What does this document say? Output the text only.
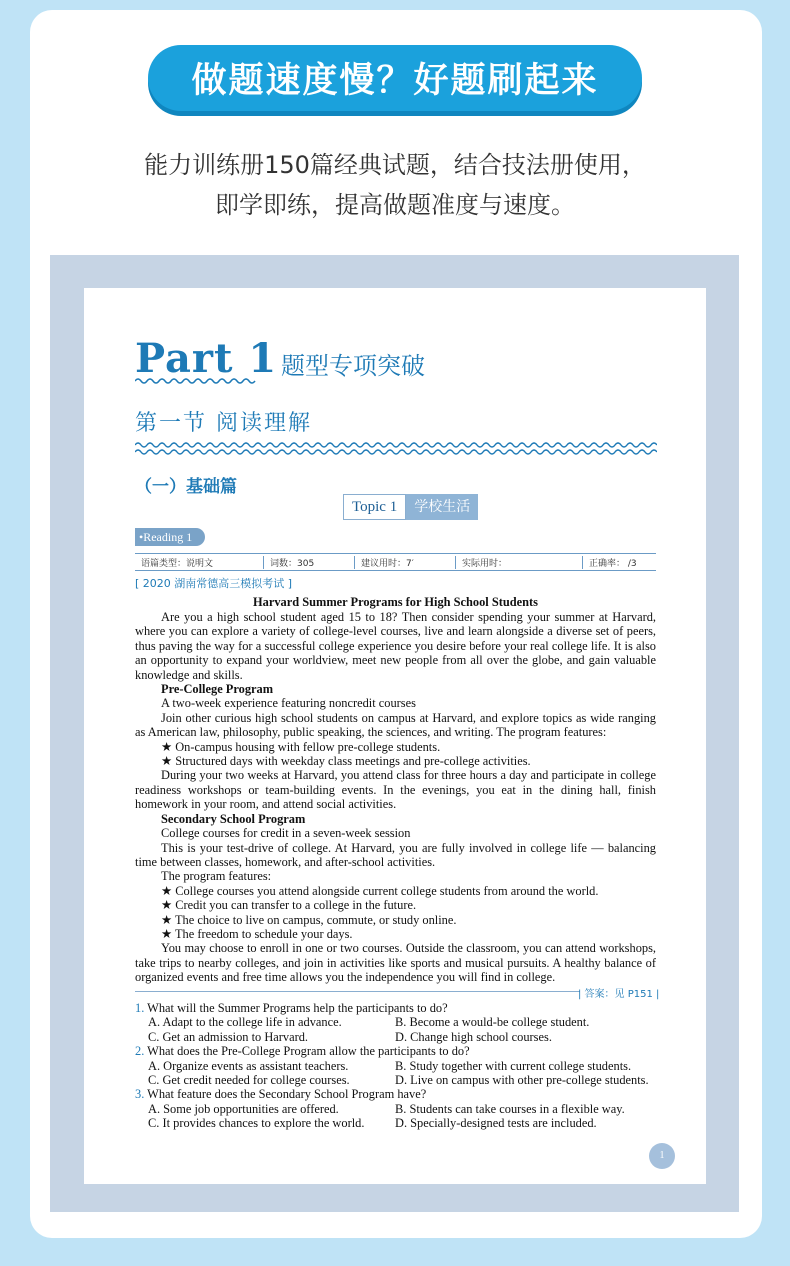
做题速度慢？好题刷起来
能力训练册150篇经典试题，结合技法册使用，
即学即练，提高做题准度与速度。
Part 1 题型专项突破
第一节 阅读理解
（一）基础篇
Topic 1	学校生活
•Reading 1
语篇类型：说明文	词数：305	建议用时：7′	实际用时：	正确率： /3
[ 2020 湖南常德高三模拟考试 ]
Harvard Summer Programs for High School Students
Are you a high school student aged 15 to 18? Then consider spending your summer at Harvard, where you can explore a variety of college-level courses, live and learn alongside a diverse set of peers, thus paving the way for a successful college experience you desire before your real college life. It is also an opportunity to expand your worldview, meet new people from all over the globe, and gain valuable knowledge and skills.
Pre-College Program
A two-week experience featuring noncredit courses
Join other curious high school students on campus at Harvard, and explore topics as wide ranging as American law, philosophy, public speaking, the sciences, and writing. The program features:
★ On-campus housing with fellow pre-college students.
★ Structured days with weekday class meetings and pre-college activities.
During your two weeks at Harvard, you attend class for three hours a day and participate in college readiness workshops or team-building events. In the evenings, you eat in the dining hall, finish homework in your room, and attend social activities.
Secondary School Program
College courses for credit in a seven-week session
This is your test-drive of college. At Harvard, you are fully involved in college life — balancing time between classes, homework, and after-school activities.
The program features:
★ College courses you attend alongside current college students from around the world.
★ Credit you can transfer to a college in the future.
★ The choice to live on campus, commute, or study online.
★ The freedom to schedule your days.
You may choose to enroll in one or two courses. Outside the classroom, you can attend workshops, take trips to nearby colleges, and join in activities like sports and musical pursuits. A healthy balance of organized events and free time allows you the independence you will find in college.
| 答案：见 P151 |
1. What will the Summer Programs help the participants to do?
A. Adapt to the college life in advance.	B. Become a would-be college student.
C. Get an admission to Harvard.	D. Change high school courses.
2. What does the Pre-College Program allow the participants to do?
A. Organize events as assistant teachers.	B. Study together with current college students.
C. Get credit needed for college courses.	D. Live on campus with other pre-college students.
3. What feature does the Secondary School Program have?
A. Some job opportunities are offered.	B. Students can take courses in a flexible way.
C. It provides chances to explore the world.	D. Specially-designed tests are included.
1
